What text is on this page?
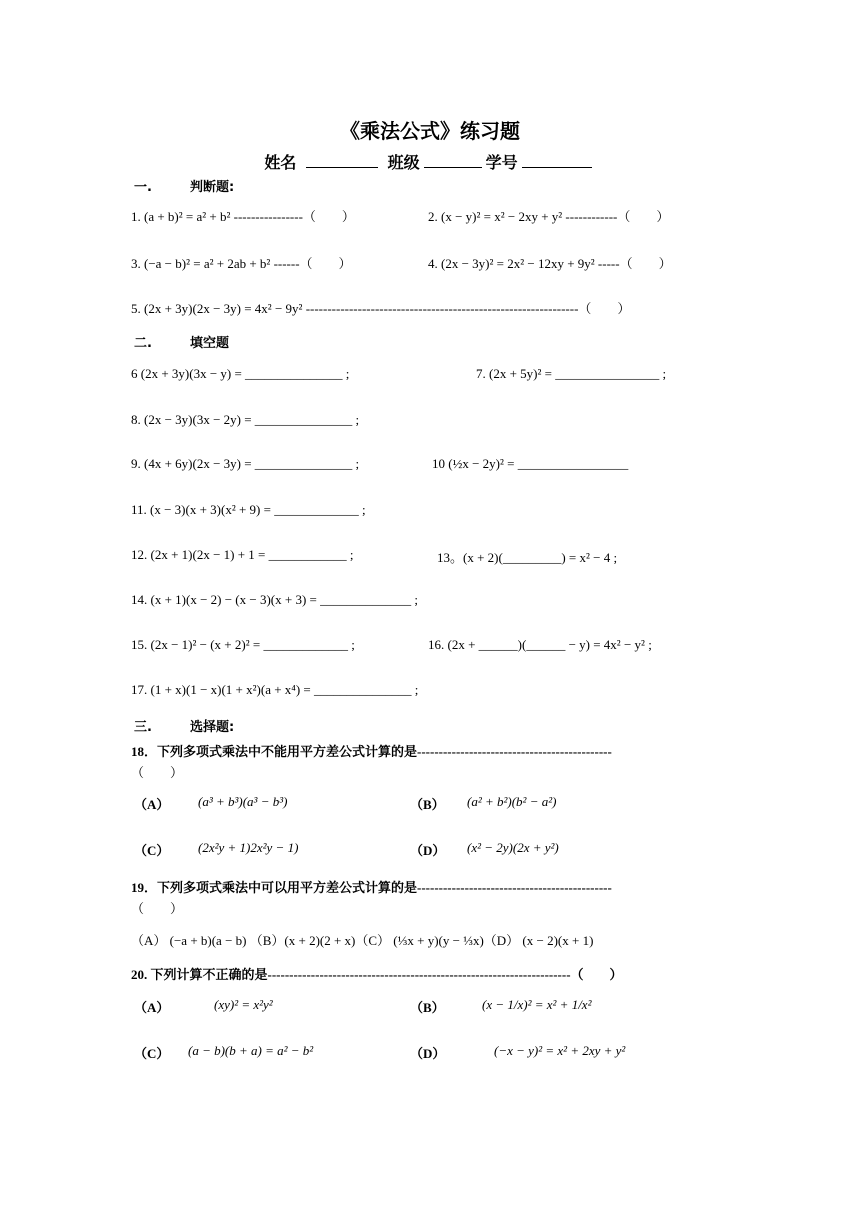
《乘法公式》练习题
姓名	班级	学号
一.	判断题:
1. (a + b)² = a² + b² ----------------（　　）	2. (x − y)² = x² − 2xy + y² ------------（　　）
3. (−a − b)² = a² + 2ab + b² ------（　　）	4. (2x − 3y)² = 2x² − 12xy + 9y² -----（　　）
5. (2x + 3y)(2x − 3y) = 4x² − 9y² ---------------------------------------------------------------（　　）
二.	填空题
6 (2x + 3y)(3x − y) = _______________ ;	7. (2x + 5y)² = ________________ ;
8. (2x − 3y)(3x − 2y) = _______________ ;
9. (4x + 6y)(2x − 3y) = _______________ ;	10 (½x − 2y)² = _________________
11. (x − 3)(x + 3)(x² + 9) = _____________ ;
12. (2x + 1)(2x − 1) + 1 = ____________ ;	13。(x + 2)(_________) = x² − 4 ;
14. (x + 1)(x − 2) − (x − 3)(x + 3) = ______________ ;
15. (2x − 1)² − (x + 2)² = _____________ ;	16. (2x + ______)(______ − y) = 4x² − y² ;
17. (1 + x)(1 − x)(1 + x²)(a + x⁴) = _______________ ;
三.	选择题:
18．下列多项式乘法中不能用平方差公式计算的是---------------------------------------------
（　　）
（A） (a³ + b³)(a³ − b³)	（B） (a² + b²)(b² − a²)
（C） (2x²y + 1)2x²y − 1)	（D） (x² − 2y)(2x + y²)
19．下列多项式乘法中可以用平方差公式计算的是---------------------------------------------
（　　）
（A） (−a + b)(a − b) （B）(x + 2)(2 + x)（C） (⅓x + y)(y − ⅓x)（D） (x − 2)(x + 1)
20. 下列计算不正确的是----------------------------------------------------------------------（　　）
（A）	(xy)² = x²y²	（B）	(x − 1/x)² = x² + 1/x²
（C） (a − b)(b + a) = a² − b²	（D）	(−x − y)² = x² + 2xy + y²
